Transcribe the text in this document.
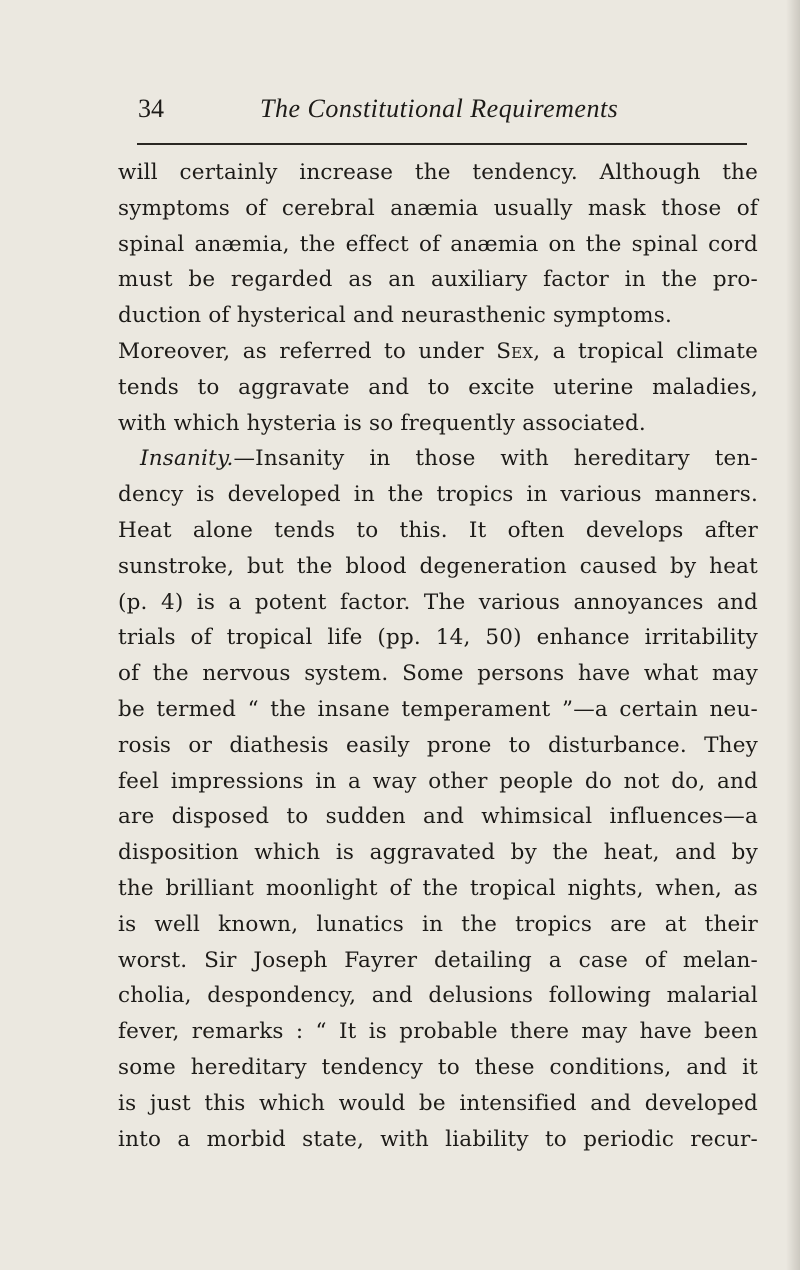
34	The Constitutional Requirements
will certainly increase the tendency. Although the
symptoms of cerebral anæmia usually mask those of
spinal anæmia, the effect of anæmia on the spinal cord
must be regarded as an auxiliary factor in the pro-
duction of hysterical and neurasthenic symptoms.
Moreover, as referred to under Sex, a tropical climate
tends to aggravate and to excite uterine maladies,
with which hysteria is so frequently associated.
Insanity.—Insanity in those with hereditary ten-
dency is developed in the tropics in various manners.
Heat alone tends to this. It often develops after
sunstroke, but the blood degeneration caused by heat
(p. 4) is a potent factor. The various annoyances and
trials of tropical life (pp. 14, 50) enhance irritability
of the nervous system. Some persons have what may
be termed “ the insane temperament ”—a certain neu-
rosis or diathesis easily prone to disturbance. They
feel impressions in a way other people do not do, and
are disposed to sudden and whimsical influences—a
disposition which is aggravated by the heat, and by
the brilliant moonlight of the tropical nights, when, as
is well known, lunatics in the tropics are at their
worst. Sir Joseph Fayrer detailing a case of melan-
cholia, despondency, and delusions following malarial
fever, remarks : “ It is probable there may have been
some hereditary tendency to these conditions, and it
is just this which would be intensified and developed
into a morbid state, with liability to periodic recur-
